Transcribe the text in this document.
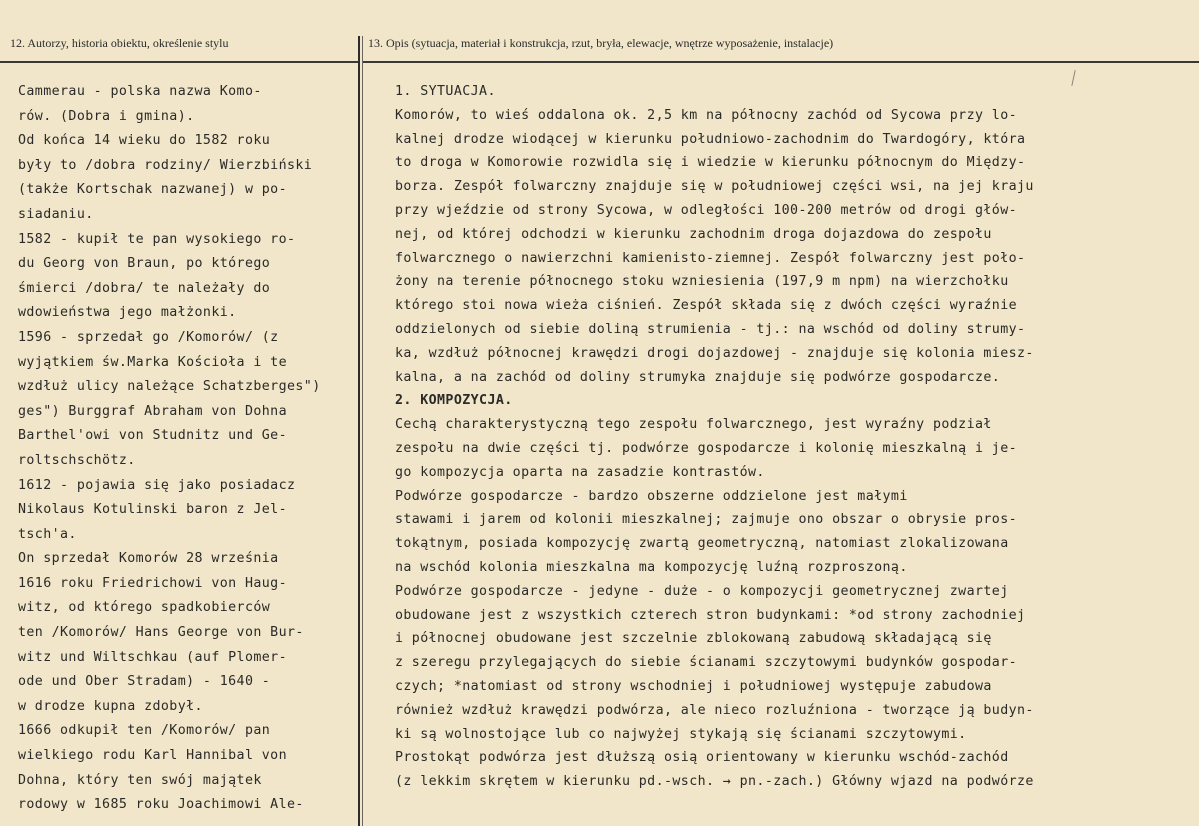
12. Autorzy, historia obiektu, określenie stylu	13. Opis (sytuacja, materiał i konstrukcja, rzut, bryła, elewacje, wnętrze wyposażenie, instalacje)
Cammerau - polska nazwa Komo-
rów. (Dobra i gmina).
Od końca 14 wieku do 1582 roku
były to /dobra rodziny/ Wierzbiński
(także Kortschak nazwanej) w po-
siadaniu.
1582 - kupił te pan wysokiego ro-
du Georg von Braun, po którego
śmierci /dobra/ te należały do
wdowieństwa jego małżonki.
1596 - sprzedał go /Komorów/ (z
wyjątkiem św.Marka Kościoła i te
wzdłuż ulicy należące Schatzberges")
ges") Burggraf Abraham von Dohna
Barthel'owi von Studnitz und Ge-
roltschschötz.
1612 - pojawia się jako posiadacz
Nikolaus Kotulinski baron z Jel-
tsch'a.
On sprzedał Komorów 28 września
1616 roku Friedrichowi von Haug-
witz, od którego spadkobierców
ten /Komorów/ Hans George von Bur-
witz und Wiltschkau (auf Plomer-
ode und Ober Stradam) - 1640 -
w drodze kupna zdobył.
1666 odkupił ten /Komorów/ pan
wielkiego rodu Karl Hannibal von
Dohna, który ten swój majątek
rodowy w 1685 roku Joachimowi Ale-
1. SYTUACJA.
Komorów, to wieś oddalona ok. 2,5 km na północny zachód od Sycowa przy lo-
kalnej drodze wiodącej w kierunku południowo-zachodnim do Twardogóry, która
to droga w Komorowie rozwidla się i wiedzie w kierunku północnym do Między-
borza. Zespół folwarczny znajduje się w południowej części wsi, na jej kraju
przy wjeździe od strony Sycowa, w odległości 100-200 metrów od drogi głów-
nej, od której odchodzi w kierunku zachodnim droga dojazdowa do zespołu
folwarcznego o nawierzchni kamienisto-ziemnej. Zespół folwarczny jest poło-
żony na terenie północnego stoku wzniesienia (197,9 m npm) na wierzchołku
którego stoi nowa wieża ciśnień. Zespół składa się z dwóch części wyraźnie
oddzielonych od siebie doliną strumienia - tj.: na wschód od doliny strumy-
ka, wzdłuż północnej krawędzi drogi dojazdowej - znajduje się kolonia miesz-
kalna, a na zachód od doliny strumyka znajduje się podwórze gospodarcze.
2. KOMPOZYCJA.
Cechą charakterystyczną tego zespołu folwarcznego, jest wyraźny podział
zespołu na dwie części tj. podwórze gospodarcze i kolonię mieszkalną i je-
go kompozycja oparta na zasadzie kontrastów.
Podwórze gospodarcze - bardzo obszerne oddzielone jest małymi
stawami i jarem od kolonii mieszkalnej; zajmuje ono obszar o obrysie pros-
tokątnym, posiada kompozycję zwartą geometryczną, natomiast zlokalizowana
na wschód kolonia mieszkalna ma kompozycję luźną rozproszoną.
Podwórze gospodarcze - jedyne - duże - o kompozycji geometrycznej zwartej
obudowane jest z wszystkich czterech stron budynkami: *od strony zachodniej
i północnej obudowane jest szczelnie zblokowaną zabudową składającą się
z szeregu przylegających do siebie ścianami szczytowymi budynków gospodar-
czych; *natomiast od strony wschodniej i południowej występuje zabudowa
również wzdłuż krawędzi podwórza, ale nieco rozluźniona - tworzące ją budyn-
ki są wolnostojące lub co najwyżej stykają się ścianami szczytowymi.
Prostokąt podwórza jest dłuższą osią orientowany w kierunku wschód-zachód
(z lekkim skrętem w kierunku pd.-wsch. → pn.-zach.) Główny wjazd na podwórze
